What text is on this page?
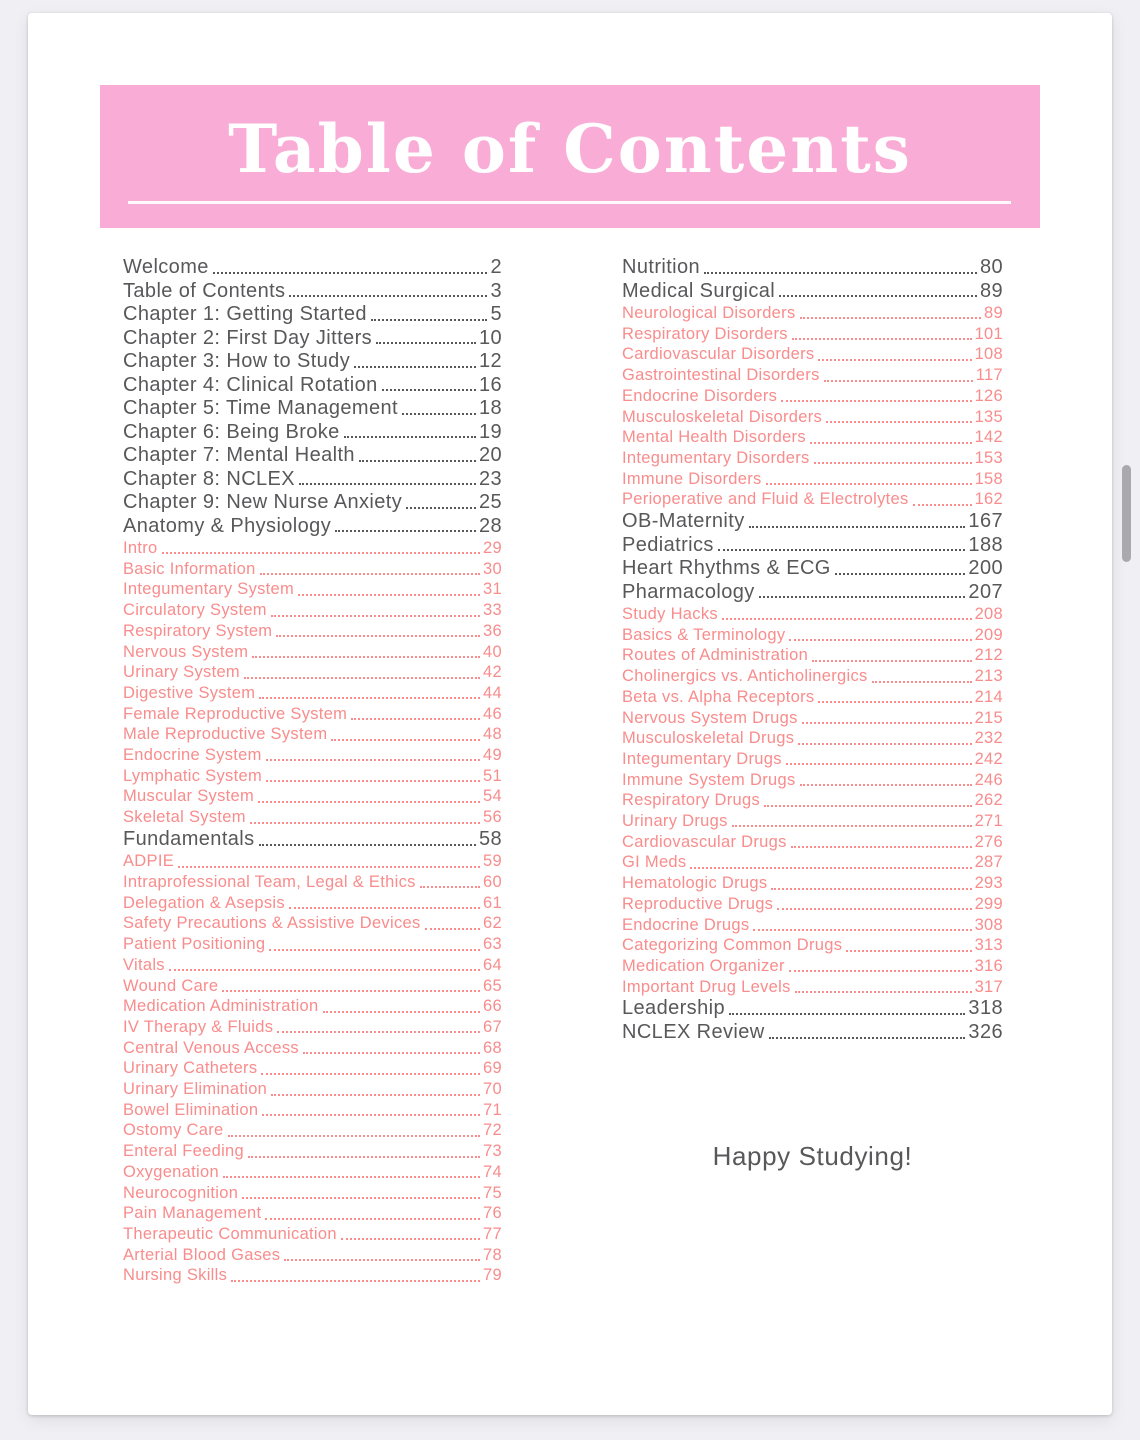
Table of Contents
Welcome	2
Table of Contents	3
Chapter 1: Getting Started	5
Chapter 2: First Day Jitters	10
Chapter 3: How to Study	12
Chapter 4: Clinical Rotation	16
Chapter 5: Time Management	18
Chapter 6: Being Broke	19
Chapter 7: Mental Health	20
Chapter 8: NCLEX	23
Chapter 9: New Nurse Anxiety	25
Anatomy & Physiology	28
Intro	29
Basic Information	30
Integumentary System	31
Circulatory System	33
Respiratory System	36
Nervous System	40
Urinary System	42
Digestive System	44
Female Reproductive System	46
Male Reproductive System	48
Endocrine System	49
Lymphatic System	51
Muscular System	54
Skeletal System	56
Fundamentals	58
ADPIE	59
Intraprofessional Team, Legal & Ethics	60
Delegation & Asepsis	61
Safety Precautions & Assistive Devices	62
Patient Positioning	63
Vitals	64
Wound Care	65
Medication Administration	66
IV Therapy & Fluids	67
Central Venous Access	68
Urinary Catheters	69
Urinary Elimination	70
Bowel Elimination	71
Ostomy Care	72
Enteral Feeding	73
Oxygenation	74
Neurocognition	75
Pain Management	76
Therapeutic Communication	77
Arterial Blood Gases	78
Nursing Skills	79
Nutrition	80
Medical Surgical	89
Neurological Disorders	89
Respiratory Disorders	101
Cardiovascular Disorders	108
Gastrointestinal Disorders	117
Endocrine Disorders	126
Musculoskeletal Disorders	135
Mental Health Disorders	142
Integumentary Disorders	153
Immune Disorders	158
Perioperative and Fluid & Electrolytes	162
OB-Maternity	167
Pediatrics	188
Heart Rhythms & ECG	200
Pharmacology	207
Study Hacks	208
Basics & Terminology	209
Routes of Administration	212
Cholinergics vs. Anticholinergics	213
Beta vs. Alpha Receptors	214
Nervous System Drugs	215
Musculoskeletal Drugs	232
Integumentary Drugs	242
Immune System Drugs	246
Respiratory Drugs	262
Urinary Drugs	271
Cardiovascular Drugs	276
GI Meds	287
Hematologic Drugs	293
Reproductive Drugs	299
Endocrine Drugs	308
Categorizing Common Drugs	313
Medication Organizer	316
Important Drug Levels	317
Leadership	318
NCLEX Review	326
Happy Studying!
